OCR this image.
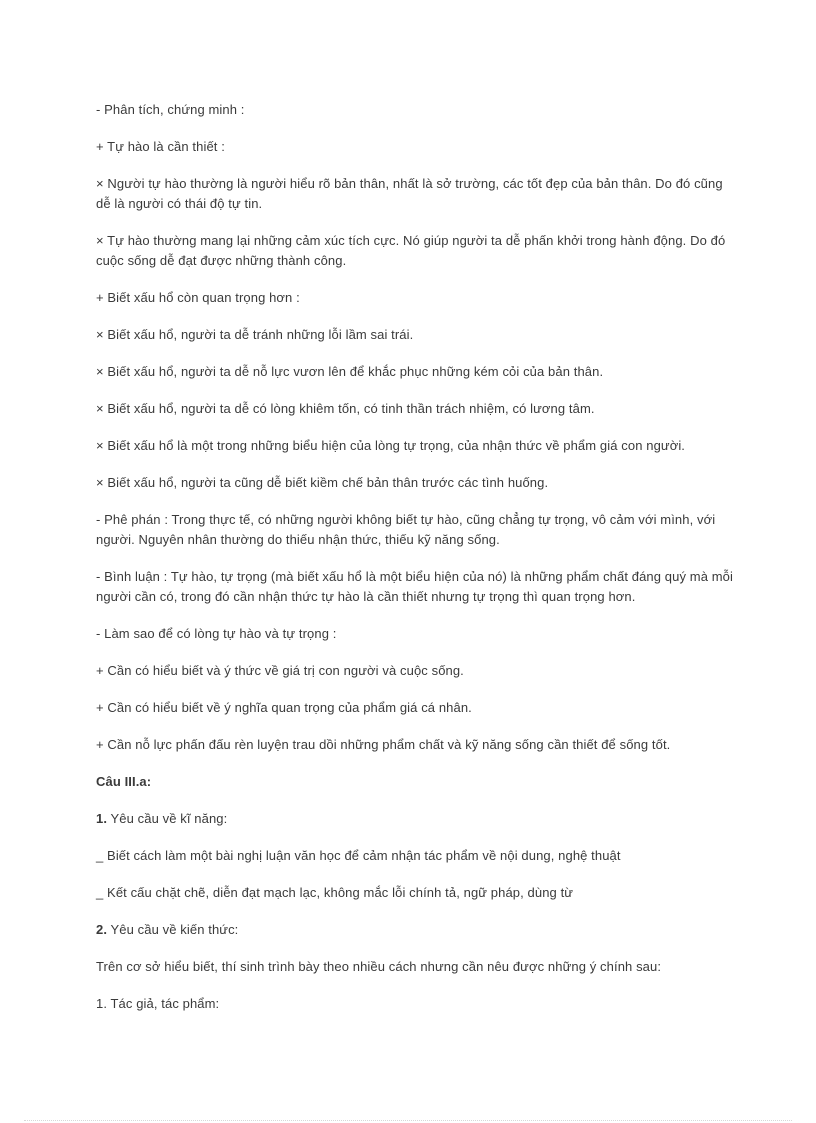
- Phân tích, chứng minh :

+ Tự hào là cần thiết :

× Người tự hào thường là người hiểu rõ bản thân, nhất là sở trường, các tốt đẹp của bản thân. Do đó cũng dễ là người có thái độ tự tin.

× Tự hào thường mang lại những cảm xúc tích cực. Nó giúp người ta dễ phấn khởi trong hành động. Do đó cuộc sống dễ đạt được những thành công.

+ Biết xấu hổ còn quan trọng hơn :

× Biết xấu hổ, người ta dễ tránh những lỗi lầm sai trái.

× Biết xấu hổ, người ta dễ nỗ lực vươn lên để khắc phục những kém cỏi của bản thân.

× Biết xấu hổ, người ta dễ có lòng khiêm tốn, có tinh thần trách nhiệm, có lương tâm.

× Biết xấu hổ là một trong những biểu hiện của lòng tự trọng, của nhận thức về phẩm giá con người.

× Biết xấu hổ, người ta cũng dễ biết kiềm chế bản thân trước các tình huống.

- Phê phán : Trong thực tế, có những người không biết tự hào, cũng chẳng tự trọng, vô cảm với mình, với người. Nguyên nhân thường do thiếu nhận thức, thiếu kỹ năng sống.

- Bình luận : Tự hào, tự trọng (mà biết xấu hổ là một biểu hiện của nó) là những phẩm chất đáng quý mà mỗi người cần có, trong đó cần nhận thức tự hào là cần thiết nhưng tự trọng thì quan trọng hơn.

- Làm sao để có lòng tự hào và tự trọng :

+ Cần có hiểu biết và ý thức về giá trị con người và cuộc sống.

+ Cần có hiểu biết về ý nghĩa quan trọng của phẩm giá cá nhân.

+ Cần nỗ lực phấn đấu rèn luyện trau dồi những phẩm chất và kỹ năng sống cần thiết để sống tốt.

Câu III.a:

1. Yêu cầu về kĩ năng:

_ Biết cách làm một bài nghị luận văn học để cảm nhận tác phẩm về nội dung, nghệ thuật

_ Kết cấu chặt chẽ, diễn đạt mạch lạc, không mắc lỗi chính tả, ngữ pháp, dùng từ

2. Yêu cầu về kiến thức:

Trên cơ sở hiểu biết, thí sinh trình bày theo nhiều cách nhưng cần nêu được những ý chính sau:

1. Tác giả, tác phẩm:
